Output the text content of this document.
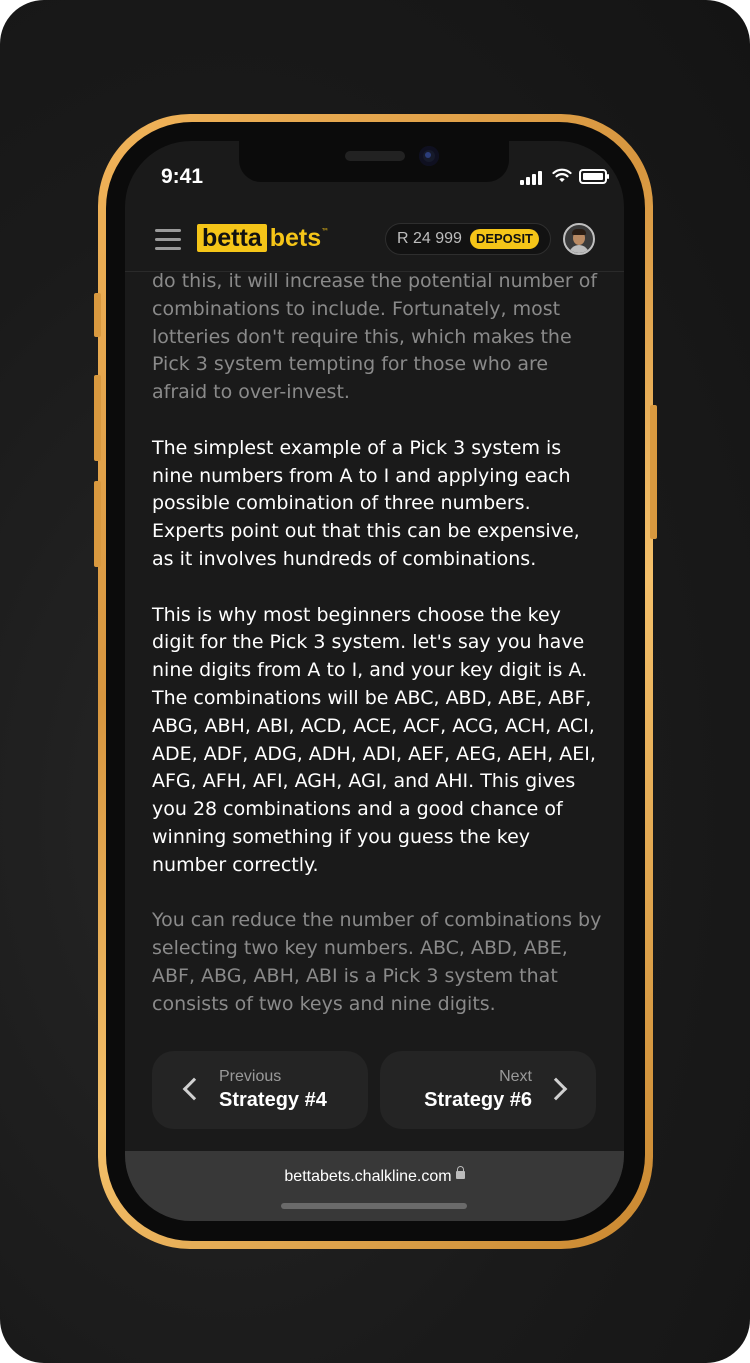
9:41
betta bets ™	R 24 999	DEPOSIT

do this, it will increase the potential number of combinations to include. Fortunately, most lotteries don't require this, which makes the Pick 3 system tempting for those who are afraid to over-invest.

The simplest example of a Pick 3 system is nine numbers from A to I and applying each possible combination of three numbers. Experts point out that this can be expensive, as it involves hundreds of combinations.

This is why most beginners choose the key digit for the Pick 3 system. let's say you have nine digits from A to I, and your key digit is A. The combinations will be ABC, ABD, ABE, ABF, ABG, ABH, ABI, ACD, ACE, ACF, ACG, ACH, ACI, ADE, ADF, ADG, ADH, ADI, AEF, AEG, AEH, AEI, AFG, AFH, AFI, AGH, AGI, and AHI. This gives you 28 combinations and a good chance of winning something if you guess the key number correctly.

You can reduce the number of combinations by selecting two key numbers. ABC, ABD, ABE, ABF, ABG, ABH, ABI is a Pick 3 system that consists of two keys and nine digits.

Previous
Strategy #4
Next
Strategy #6
bettabets.chalkline.com
